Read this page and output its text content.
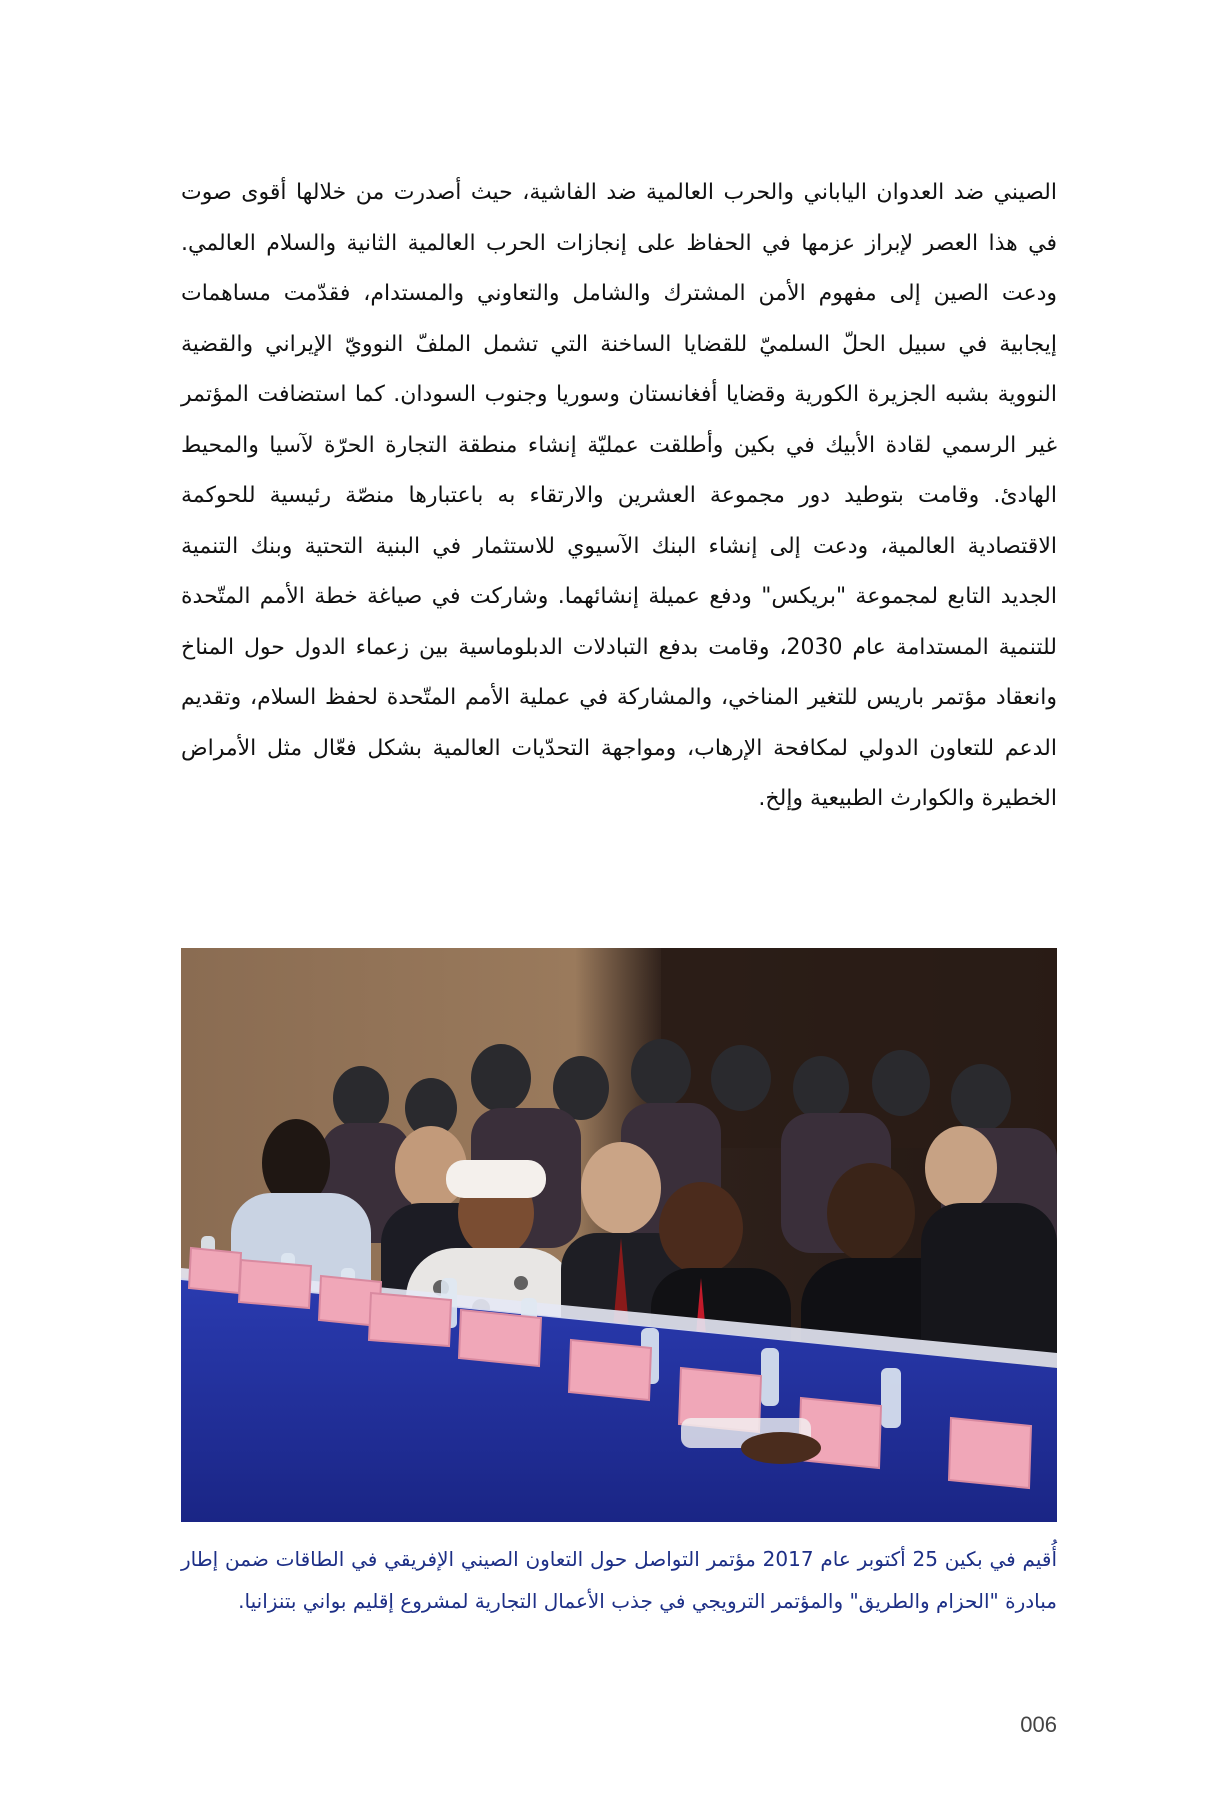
الصيني ضد العدوان الياباني والحرب العالمية ضد الفاشية، حيث أصدرت من خلالها أقوى صوت في هذا العصر لإبراز عزمها في الحفاظ على إنجازات الحرب العالمية الثانية والسلام العالمي. ودعت الصين إلى مفهوم الأمن المشترك والشامل والتعاوني والمستدام، فقدّمت مساهمات إيجابية في سبيل الحلّ السلميّ للقضايا الساخنة التي تشمل الملفّ النوويّ الإيراني والقضية النووية بشبه الجزيرة الكورية وقضايا أفغانستان وسوريا وجنوب السودان. كما استضافت المؤتمر غير الرسمي لقادة الأبيك في بكين وأطلقت عمليّة إنشاء منطقة التجارة الحرّة لآسيا والمحيط الهادئ. وقامت بتوطيد دور مجموعة العشرين والارتقاء به باعتبارها منصّة رئيسية للحوكمة الاقتصادية العالمية، ودعت إلى إنشاء البنك الآسيوي للاستثمار في البنية التحتية وبنك التنمية الجديد التابع لمجموعة "بريكس" ودفع عميلة إنشائهما. وشاركت في صياغة خطة الأمم المتّحدة للتنمية المستدامة عام 2030، وقامت بدفع التبادلات الدبلوماسية بين زعماء الدول حول المناخ وانعقاد مؤتمر باريس للتغير المناخي، والمشاركة في عملية الأمم المتّحدة لحفظ السلام، وتقديم الدعم للتعاون الدولي لمكافحة الإرهاب، ومواجهة التحدّيات العالمية بشكل فعّال مثل الأمراض الخطيرة والكوارث الطبيعية وإلخ.

أُقيم في بكين 25 أكتوبر عام 2017 مؤتمر التواصل حول التعاون الصيني الإفريقي في الطاقات ضمن إطار مبادرة "الحزام والطريق" والمؤتمر الترويجي في جذب الأعمال التجارية لمشروع إقليم بواني بتنزانيا.

006
